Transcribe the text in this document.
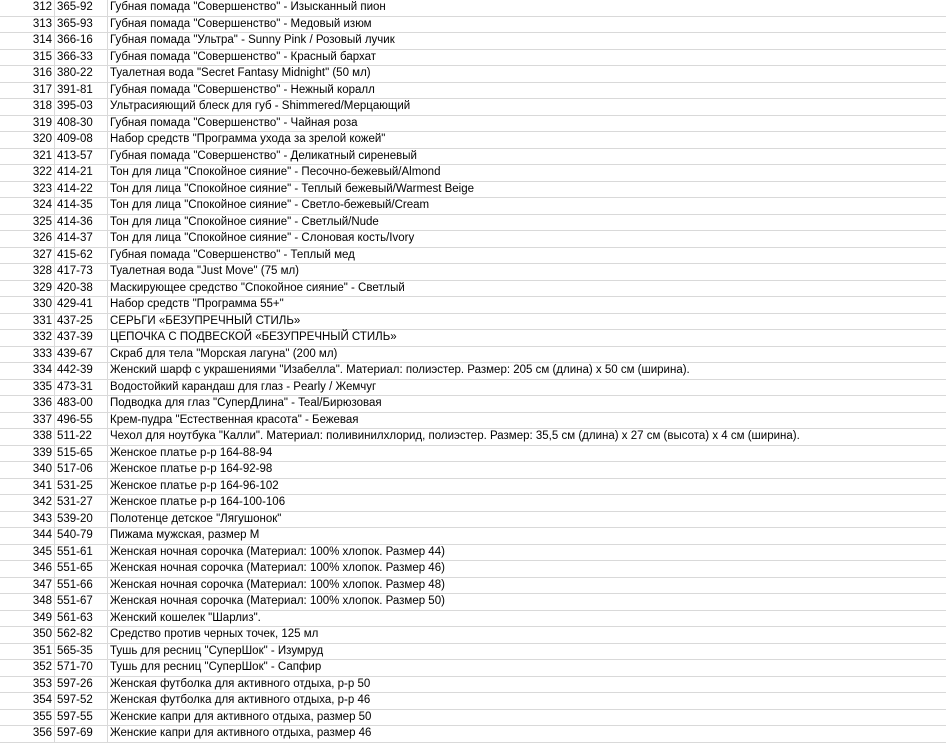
312	365-92	Губная помада "Совершенство" - Изысканный пион
313	365-93	Губная помада "Совершенство" - Медовый изюм
314	366-16	Губная помада "Ультра" - Sunny Pink / Розовый лучик
315	366-33	Губная помада "Совершенство" - Красный бархат
316	380-22	Туалетная вода "Secret Fantasy Midnight" (50 мл)
317	391-81	Губная помада "Совершенство" - Нежный коралл
318	395-03	Ультрасияющий блеск для губ - Shimmered/Мерцающий
319	408-30	Губная помада "Совершенство" - Чайная роза
320	409-08	Набор средств "Программа ухода за зрелой кожей"
321	413-57	Губная помада "Совершенство" - Деликатный сиреневый
322	414-21	Тон для лица "Спокойное сияние" - Песочно-бежевый/Almond
323	414-22	Тон для лица "Спокойное сияние" - Теплый бежевый/Warmest Beige
324	414-35	Тон для лица "Спокойное сияние" - Светло-бежевый/Cream
325	414-36	Тон для лица "Спокойное сияние" - Светлый/Nude
326	414-37	Тон для лица "Спокойное сияние" - Слоновая кость/Ivory
327	415-62	Губная помада "Совершенство" - Теплый мед
328	417-73	Туалетная вода "Just Move" (75 мл)
329	420-38	Маскирующее средство "Спокойное сияние" - Светлый
330	429-41	Набор средств "Программа 55+"
331	437-25	СЕРЬГИ «БЕЗУПРЕЧНЫЙ СТИЛЬ»
332	437-39	ЦЕПОЧКА С ПОДВЕСКОЙ «БЕЗУПРЕЧНЫЙ СТИЛЬ»
333	439-67	Скраб для тела "Морская лагуна" (200 мл)
334	442-39	Женский шарф с украшениями "Изабелла". Материал: полиэстер. Размер: 205 см (длина) х 50 см (ширина).
335	473-31	Водостойкий карандаш для глаз - Pearly / Жемчуг
336	483-00	Подводка для глаз "СуперДлина" - Teal/Бирюзовая
337	496-55	Крем-пудра "Естественная красота" - Бежевая
338	511-22	Чехол для ноутбука "Калли". Материал: поливинилхлорид, полиэстер. Размер: 35,5 см (длина) х 27 см (высота) х 4 см (ширина).
339	515-65	Женское платье р-р 164-88-94
340	517-06	Женское платье р-р 164-92-98
341	531-25	Женское платье р-р 164-96-102
342	531-27	Женское платье р-р 164-100-106
343	539-20	Полотенце детское "Лягушонок"
344	540-79	Пижама мужская, размер М
345	551-61	Женская ночная сорочка (Материал: 100% хлопок. Размер 44)
346	551-65	Женская ночная сорочка (Материал: 100% хлопок. Размер 46)
347	551-66	Женская ночная сорочка (Материал: 100% хлопок. Размер 48)
348	551-67	Женская ночная сорочка (Материал: 100% хлопок. Размер 50)
349	561-63	Женский кошелек "Шарлиз".
350	562-82	Средство против черных точек, 125 мл
351	565-35	Тушь для ресниц "СуперШок" - Изумруд
352	571-70	Тушь для ресниц "СуперШок" - Сапфир
353	597-26	Женская футболка для активного отдыха, р-р 50
354	597-52	Женская футболка для активного отдыха, р-р 46
355	597-55	Женские капри для активного отдыха, размер 50
356	597-69	Женские капри для активного отдыха, размер 46
